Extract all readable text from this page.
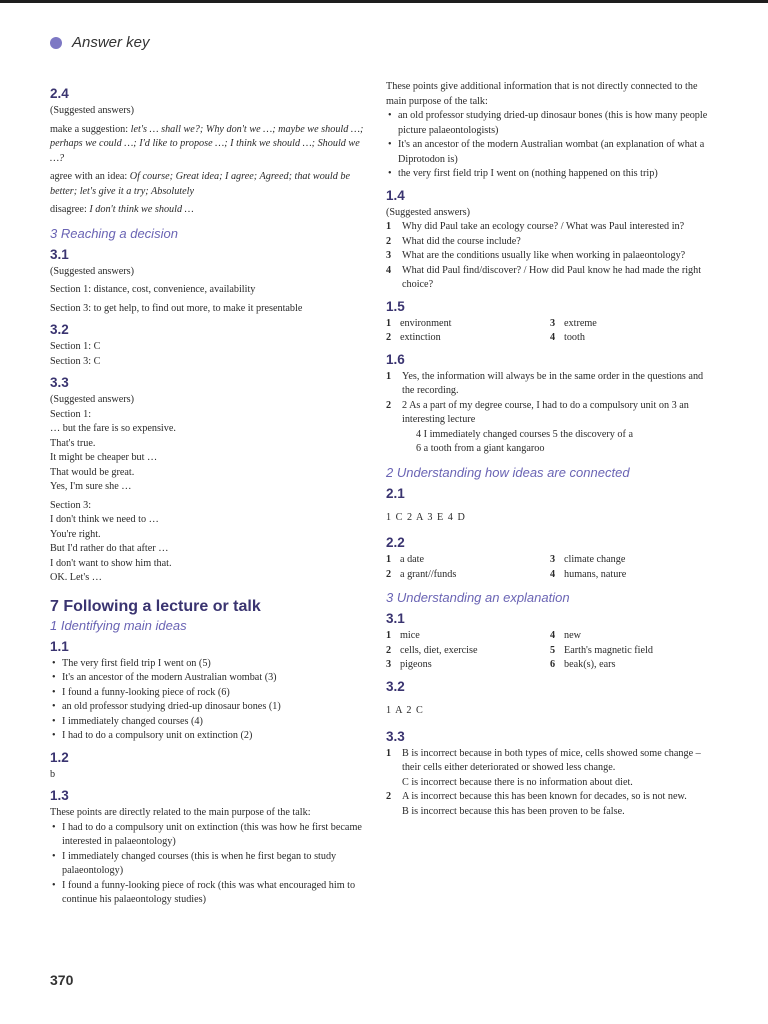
Answer key
2.4

(Suggested answers)

make a suggestion: let's … shall we?; Why don't we …; maybe we should …; perhaps we could …; I'd like to propose …; I think we should …; Should we …?

agree with an idea: Of course; Great idea; I agree; Agreed; that would be better; let's give it a try; Absolutely

disagree: I don't think we should …

3 Reaching a decision
3.1

(Suggested answers)

Section 1: distance, cost, convenience, availability

Section 3: to get help, to find out more, to make it presentable

3.2

Section 1: C

Section 3: C

3.3

(Suggested answers)

Section 1:

… but the fare is so expensive.

That's true.

It might be cheaper but …

That would be great.

Yes, I'm sure she …

Section 3:

I don't think we need to …

You're right.

But I'd rather do that after …

I don't want to show him that.

OK. Let's …

7 Following a lecture or talk
1 Identifying main ideas
1.1

• The very first field trip I went on (5)

• It's an ancestor of the modern Australian wombat (3)

• I found a funny-looking piece of rock (6)

• an old professor studying dried-up dinosaur bones (1)

• I immediately changed courses (4)

• I had to do a compulsory unit on extinction (2)

1.2

b

1.3

These points are directly related to the main purpose of the talk:

• I had to do a compulsory unit on extinction (this was how he first became interested in palaeontology)

• I immediately changed courses (this is when he first began to study palaeontology)

• I found a funny-looking piece of rock (this was what encouraged him to continue his palaeontology studies)

These points give additional information that is not directly connected to the main purpose of the talk:

• an old professor studying dried-up dinosaur bones (this is how many people picture palaeontologists)

• It's an ancestor of the modern Australian wombat (an explanation of what a Diprotodon is)

• the very first field trip I went on (nothing happened on this trip)

1.4

(Suggested answers)

1	Why did Paul take an ecology course? / What was Paul interested in?
2	What did the course include?
3	What are the conditions usually like when working in palaeontology?
4	What did Paul find/discover? / How did Paul know he had made the right choice?
1.5
1 environment	3 extreme
2 extinction	4 tooth
1.6
1	Yes, the information will always be in the same order in the questions and the recording.
2	2 As a part of my degree course, I had to do a compulsory unit on 3 an interesting lecture
4 I immediately changed courses 5 the discovery of a
6 a tooth from a giant kangaroo
2 Understanding how ideas are connected
2.1

1 C 2 A 3 E 4 D

2.2
1 a date	3 climate change
2 a grant//funds	4 humans, nature
3 Understanding an explanation
3.1
1 mice	4 new
2 cells, diet, exercise	5 Earth's magnetic field
3 pigeons	6 beak(s), ears
3.2

1 A 2 C

3.3
1	B is incorrect because in both types of mice, cells showed some change – their cells either deteriorated or showed less change.
C is incorrect because there is no information about diet.
2	A is incorrect because this has been known for decades, so is not new.
B is incorrect because this has been proven to be false.
370
